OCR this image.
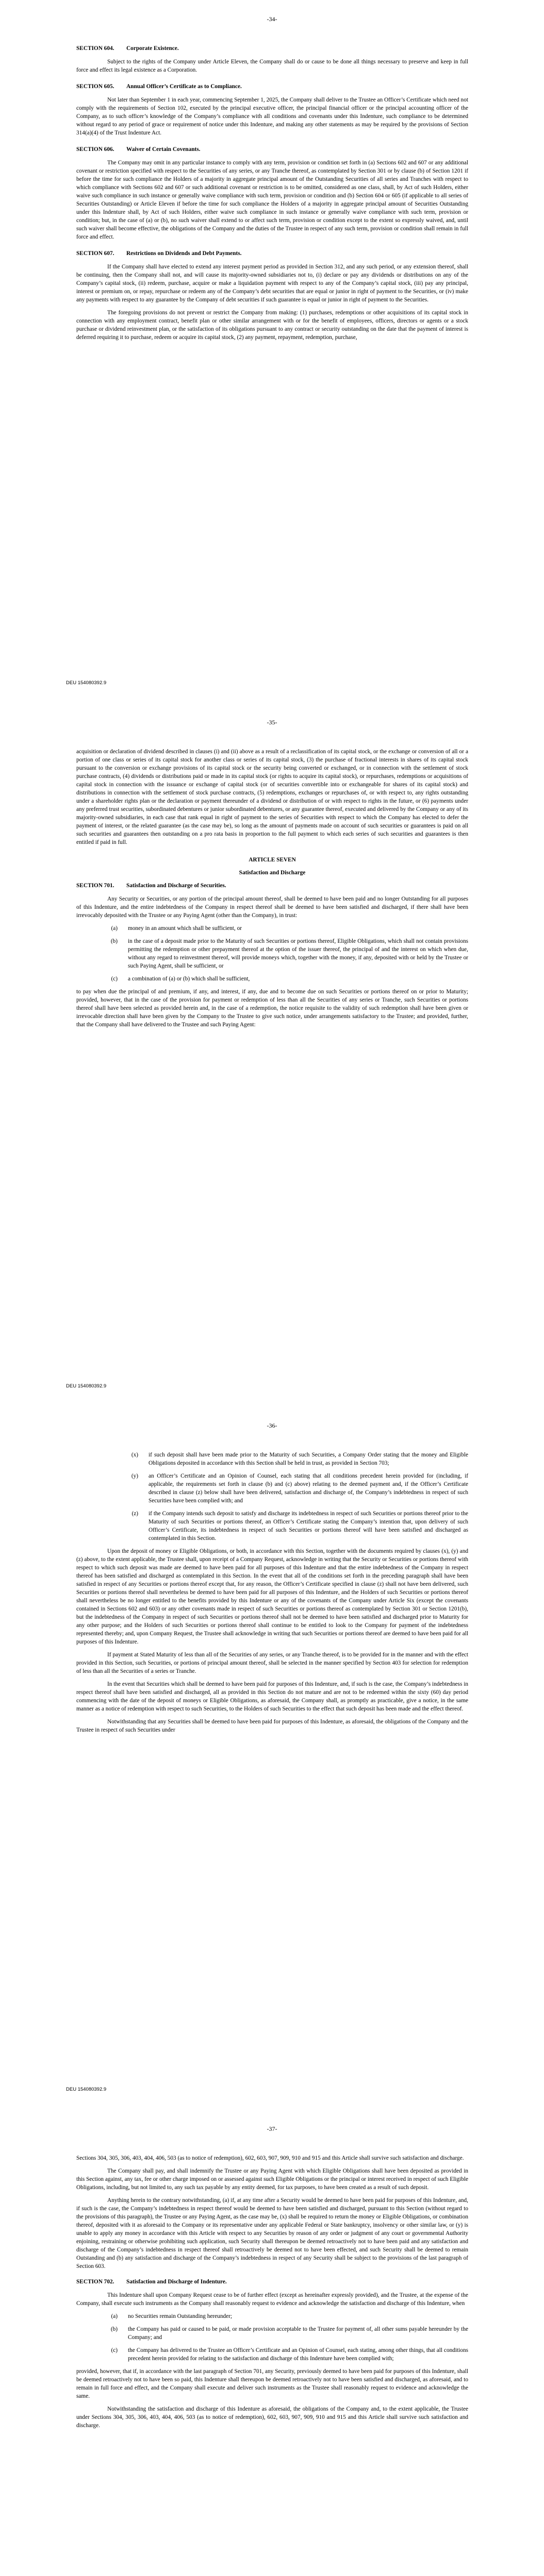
-34-

SECTION 604. Corporate Existence.

Subject to the rights of the Company under Article Eleven, the Company shall do or cause to be done all things necessary to preserve and keep in full force and effect its legal existence as a Corporation.

SECTION 605. Annual Officer’s Certificate as to Compliance.

Not later than September 1 in each year, commencing September 1, 2025, the Company shall deliver to the Trustee an Officer’s Certificate which need not comply with the requirements of Section 102, executed by the principal executive officer, the principal financial officer or the principal accounting officer of the Company, as to such officer’s knowledge of the Company’s compliance with all conditions and covenants under this Indenture, such compliance to be determined without regard to any period of grace or requirement of notice under this Indenture, and making any other statements as may be required by the provisions of Section 314(a)(4) of the Trust Indenture Act.

SECTION 606. Waiver of Certain Covenants.

The Company may omit in any particular instance to comply with any term, provision or condition set forth in (a) Sections 602 and 607 or any additional covenant or restriction specified with respect to the Securities of any series, or any Tranche thereof, as contemplated by Section 301 or by clause (b) of Section 1201 if before the time for such compliance the Holders of a majority in aggregate principal amount of the Outstanding Securities of all series and Tranches with respect to which compliance with Sections 602 and 607 or such additional covenant or restriction is to be omitted, considered as one class, shall, by Act of such Holders, either waive such compliance in such instance or generally waive compliance with such term, provision or condition and (b) Section 604 or 605 (if applicable to all series of Securities Outstanding) or Article Eleven if before the time for such compliance the Holders of a majority in aggregate principal amount of Securities Outstanding under this Indenture shall, by Act of such Holders, either waive such compliance in such instance or generally waive compliance with such term, provision or condition; but, in the case of (a) or (b), no such waiver shall extend to or affect such term, provision or condition except to the extent so expressly waived, and, until such waiver shall become effective, the obligations of the Company and the duties of the Trustee in respect of any such term, provision or condition shall remain in full force and effect.

SECTION 607. Restrictions on Dividends and Debt Payments.

If the Company shall have elected to extend any interest payment period as provided in Section 312, and any such period, or any extension thereof, shall be continuing, then the Company shall not, and will cause its majority-owned subsidiaries not to, (i) declare or pay any dividends or distributions on any of the Company’s capital stock, (ii) redeem, purchase, acquire or make a liquidation payment with respect to any of the Company’s capital stock, (iii) pay any principal, interest or premium on, or repay, repurchase or redeem any of the Company’s debt securities that are equal or junior in right of payment to the Securities, or (iv) make any payments with respect to any guarantee by the Company of debt securities if such guarantee is equal or junior in right of payment to the Securities.

The foregoing provisions do not prevent or restrict the Company from making: (1) purchases, redemptions or other acquisitions of its capital stock in connection with any employment contract, benefit plan or other similar arrangement with or for the benefit of employees, officers, directors or agents or a stock purchase or dividend reinvestment plan, or the satisfaction of its obligations pursuant to any contract or security outstanding on the date that the payment of interest is deferred requiring it to purchase, redeem or acquire its capital stock, (2) any payment, repayment, redemption, purchase,

DEU 154080392.9
-35-

acquisition or declaration of dividend described in clauses (i) and (ii) above as a result of a reclassification of its capital stock, or the exchange or conversion of all or a portion of one class or series of its capital stock for another class or series of its capital stock, (3) the purchase of fractional interests in shares of its capital stock pursuant to the conversion or exchange provisions of its capital stock or the security being converted or exchanged, or in connection with the settlement of stock purchase contracts, (4) dividends or distributions paid or made in its capital stock (or rights to acquire its capital stock), or repurchases, redemptions or acquisitions of capital stock in connection with the issuance or exchange of capital stock (or of securities convertible into or exchangeable for shares of its capital stock) and distributions in connection with the settlement of stock purchase contracts, (5) redemptions, exchanges or repurchases of, or with respect to, any rights outstanding under a shareholder rights plan or the declaration or payment thereunder of a dividend or distribution of or with respect to rights in the future, or (6) payments under any preferred trust securities, subordinated debentures or junior subordinated debentures, or any guarantee thereof, executed and delivered by the Company or any of its majority-owned subsidiaries, in each case that rank equal in right of payment to the series of Securities with respect to which the Company has elected to defer the payment of interest, or the related guarantee (as the case may be), so long as the amount of payments made on account of such securities or guarantees is paid on all such securities and guarantees then outstanding on a pro rata basis in proportion to the full payment to which each series of such securities and guarantees is then entitled if paid in full.

ARTICLE SEVEN

Satisfaction and Discharge

SECTION 701. Satisfaction and Discharge of Securities.

Any Security or Securities, or any portion of the principal amount thereof, shall be deemed to have been paid and no longer Outstanding for all purposes of this Indenture, and the entire indebtedness of the Company in respect thereof shall be deemed to have been satisfied and discharged, if there shall have been irrevocably deposited with the Trustee or any Paying Agent (other than the Company), in trust:

(a)	money in an amount which shall be sufficient, or
(b)	in the case of a deposit made prior to the Maturity of such Securities or portions thereof, Eligible Obligations, which shall not contain provisions permitting the redemption or other prepayment thereof at the option of the issuer thereof, the principal of and the interest on which when due, without any regard to reinvestment thereof, will provide moneys which, together with the money, if any, deposited with or held by the Trustee or such Paying Agent, shall be sufficient, or
(c)	a combination of (a) or (b) which shall be sufficient,

to pay when due the principal of and premium, if any, and interest, if any, due and to become due on such Securities or portions thereof on or prior to Maturity; provided, however, that in the case of the provision for payment or redemption of less than all the Securities of any series or Tranche, such Securities or portions thereof shall have been selected as provided herein and, in the case of a redemption, the notice requisite to the validity of such redemption shall have been given or irrevocable direction shall have been given by the Company to the Trustee to give such notice, under arrangements satisfactory to the Trustee; and provided, further, that the Company shall have delivered to the Trustee and such Paying Agent:

DEU 154080392.9
-36-
(x)	if such deposit shall have been made prior to the Maturity of such Securities, a Company Order stating that the money and Eligible Obligations deposited in accordance with this Section shall be held in trust, as provided in Section 703;
(y)	an Officer’s Certificate and an Opinion of Counsel, each stating that all conditions precedent herein provided for (including, if applicable, the requirements set forth in clause (b) and (c) above) relating to the deemed payment and, if the Officer’s Certificate described in clause (z) below shall have been delivered, satisfaction and discharge of, the Company’s indebtedness in respect of such Securities have been complied with; and
(z)	if the Company intends such deposit to satisfy and discharge its indebtedness in respect of such Securities or portions thereof prior to the Maturity of such Securities or portions thereof, an Officer’s Certificate stating the Company’s intention that, upon delivery of such Officer’s Certificate, its indebtedness in respect of such Securities or portions thereof will have been satisfied and discharged as contemplated in this Section.

Upon the deposit of money or Eligible Obligations, or both, in accordance with this Section, together with the documents required by clauses (x), (y) and (z) above, to the extent applicable, the Trustee shall, upon receipt of a Company Request, acknowledge in writing that the Security or Securities or portions thereof with respect to which such deposit was made are deemed to have been paid for all purposes of this Indenture and that the entire indebtedness of the Company in respect thereof has been satisfied and discharged as contemplated in this Section. In the event that all of the conditions set forth in the preceding paragraph shall have been satisfied in respect of any Securities or portions thereof except that, for any reason, the Officer’s Certificate specified in clause (z) shall not have been delivered, such Securities or portions thereof shall nevertheless be deemed to have been paid for all purposes of this Indenture, and the Holders of such Securities or portions thereof shall nevertheless be no longer entitled to the benefits provided by this Indenture or any of the covenants of the Company under Article Six (except the covenants contained in Sections 602 and 603) or any other covenants made in respect of such Securities or portions thereof as contemplated by Section 301 or Section 1201(b), but the indebtedness of the Company in respect of such Securities or portions thereof shall not be deemed to have been satisfied and discharged prior to Maturity for any other purpose; and the Holders of such Securities or portions thereof shall continue to be entitled to look to the Company for payment of the indebtedness represented thereby; and, upon Company Request, the Trustee shall acknowledge in writing that such Securities or portions thereof are deemed to have been paid for all purposes of this Indenture.

If payment at Stated Maturity of less than all of the Securities of any series, or any Tranche thereof, is to be provided for in the manner and with the effect provided in this Section, such Securities, or portions of principal amount thereof, shall be selected in the manner specified by Section 403 for selection for redemption of less than all the Securities of a series or Tranche.

In the event that Securities which shall be deemed to have been paid for purposes of this Indenture, and, if such is the case, the Company’s indebtedness in respect thereof shall have been satisfied and discharged, all as provided in this Section do not mature and are not to be redeemed within the sixty (60) day period commencing with the date of the deposit of moneys or Eligible Obligations, as aforesaid, the Company shall, as promptly as practicable, give a notice, in the same manner as a notice of redemption with respect to such Securities, to the Holders of such Securities to the effect that such deposit has been made and the effect thereof.

Notwithstanding that any Securities shall be deemed to have been paid for purposes of this Indenture, as aforesaid, the obligations of the Company and the Trustee in respect of such Securities under

DEU 154080392.9
-37-

Sections 304, 305, 306, 403, 404, 406, 503 (as to notice of redemption), 602, 603, 907, 909, 910 and 915 and this Article shall survive such satisfaction and discharge.

The Company shall pay, and shall indemnify the Trustee or any Paying Agent with which Eligible Obligations shall have been deposited as provided in this Section against, any tax, fee or other charge imposed on or assessed against such Eligible Obligations or the principal or interest received in respect of such Eligible Obligations, including, but not limited to, any such tax payable by any entity deemed, for tax purposes, to have been created as a result of such deposit.

Anything herein to the contrary notwithstanding, (a) if, at any time after a Security would be deemed to have been paid for purposes of this Indenture, and, if such is the case, the Company’s indebtedness in respect thereof would be deemed to have been satisfied and discharged, pursuant to this Section (without regard to the provisions of this paragraph), the Trustee or any Paying Agent, as the case may be, (x) shall be required to return the money or Eligible Obligations, or combination thereof, deposited with it as aforesaid to the Company or its representative under any applicable Federal or State bankruptcy, insolvency or other similar law, or (y) is unable to apply any money in accordance with this Article with respect to any Securities by reason of any order or judgment of any court or governmental Authority enjoining, restraining or otherwise prohibiting such application, such Security shall thereupon be deemed retroactively not to have been paid and any satisfaction and discharge of the Company’s indebtedness in respect thereof shall retroactively be deemed not to have been effected, and such Security shall be deemed to remain Outstanding and (b) any satisfaction and discharge of the Company’s indebtedness in respect of any Security shall be subject to the provisions of the last paragraph of Section 603.

SECTION 702. Satisfaction and Discharge of Indenture.

This Indenture shall upon Company Request cease to be of further effect (except as hereinafter expressly provided), and the Trustee, at the expense of the Company, shall execute such instruments as the Company shall reasonably request to evidence and acknowledge the satisfaction and discharge of this Indenture, when

(a)	no Securities remain Outstanding hereunder;
(b)	the Company has paid or caused to be paid, or made provision acceptable to the Trustee for payment of, all other sums payable hereunder by the Company; and
(c)	the Company has delivered to the Trustee an Officer’s Certificate and an Opinion of Counsel, each stating, among other things, that all conditions precedent herein provided for relating to the satisfaction and discharge of this Indenture have been complied with;

provided, however, that if, in accordance with the last paragraph of Section 701, any Security, previously deemed to have been paid for purposes of this Indenture, shall be deemed retroactively not to have been so paid, this Indenture shall thereupon be deemed retroactively not to have been satisfied and discharged, as aforesaid, and to remain in full force and effect, and the Company shall execute and deliver such instruments as the Trustee shall reasonably request to evidence and acknowledge the same.

Notwithstanding the satisfaction and discharge of this Indenture as aforesaid, the obligations of the Company and, to the extent applicable, the Trustee under Sections 304, 305, 306, 403, 404, 406, 503 (as to notice of redemption), 602, 603, 907, 909, 910 and 915 and this Article shall survive such satisfaction and discharge.
